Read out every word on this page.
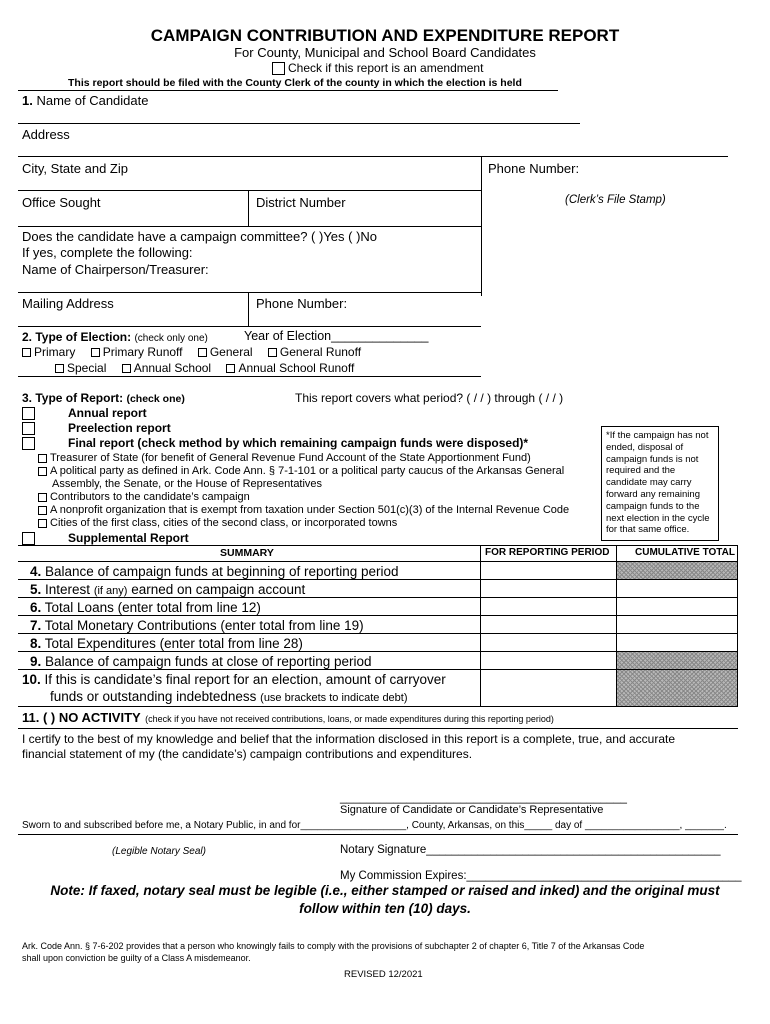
CAMPAIGN CONTRIBUTION AND EXPENDITURE REPORT
For County, Municipal and School Board Candidates
Check if this report is an amendment
This report should be filed with the County Clerk of the county in which the election is held
1. Name of Candidate
Address
City, State and Zip	Phone Number:
Office Sought	District Number	(Clerk’s File Stamp)
Does the candidate have a campaign committee? ( )Yes ( )No
If yes, complete the following:
Name of Chairperson/Treasurer:
Mailing Address	Phone Number:
2. Type of Election: (check only one)	Year of Election______________
Primary Primary Runoff General General Runoff
Special Annual School Annual School Runoff
3. Type of Report: (check one)	This report covers what period? ( / / ) through ( / / )
Annual report
Preelection report
Final report (check method by which remaining campaign funds were disposed)*
Treasurer of State (for benefit of General Revenue Fund Account of the State Apportionment Fund)
A political party as defined in Ark. Code Ann. § 7-1-101 or a political party caucus of the Arkansas General
Assembly, the Senate, or the House of Representatives
Contributors to the candidate’s campaign
A nonprofit organization that is exempt from taxation under Section 501(c)(3) of the Internal Revenue Code
Cities of the first class, cities of the second class, or incorporated towns
Supplemental Report
*If the campaign has not
ended, disposal of
campaign funds is not
required and the
candidate may carry
forward any remaining
campaign funds to the
next election in the cycle
for that same office.
SUMMARY	FOR REPORTING PERIOD	CUMULATIVE TOTAL
4. Balance of campaign funds at beginning of reporting period
5. Interest (if any) earned on campaign account
6. Total Loans (enter total from line 12)
7. Total Monetary Contributions (enter total from line 19)
8. Total Expenditures (enter total from line 28)
9. Balance of campaign funds at close of reporting period
10. If this is candidate’s final report for an election, amount of carryover
funds or outstanding indebtedness (use brackets to indicate debt)
11. ( ) NO ACTIVITY (check if you have not received contributions, loans, or made expenditures during this reporting period)
I certify to the best of my knowledge and belief that the information disclosed in this report is a complete, true, and accurate
financial statement of my (the candidate’s) campaign contributions and expenditures.
___________________________________________
Signature of Candidate or Candidate’s Representative
Sworn to and subscribed before me, a Notary Public, in and for___________________, County, Arkansas, on this_____ day of _________________, _______.
(Legible Notary Seal)	Notary Signature______________________________________________
My Commission Expires:___________________________________________
Note: If faxed, notary seal must be legible (i.e., either stamped or raised and inked) and the original must
follow within ten (10) days.
Ark. Code Ann. § 7-6-202 provides that a person who knowingly fails to comply with the provisions of subchapter 2 of chapter 6, Title 7 of the Arkansas Code
shall upon conviction be guilty of a Class A misdemeanor.
REVISED 12/2021
